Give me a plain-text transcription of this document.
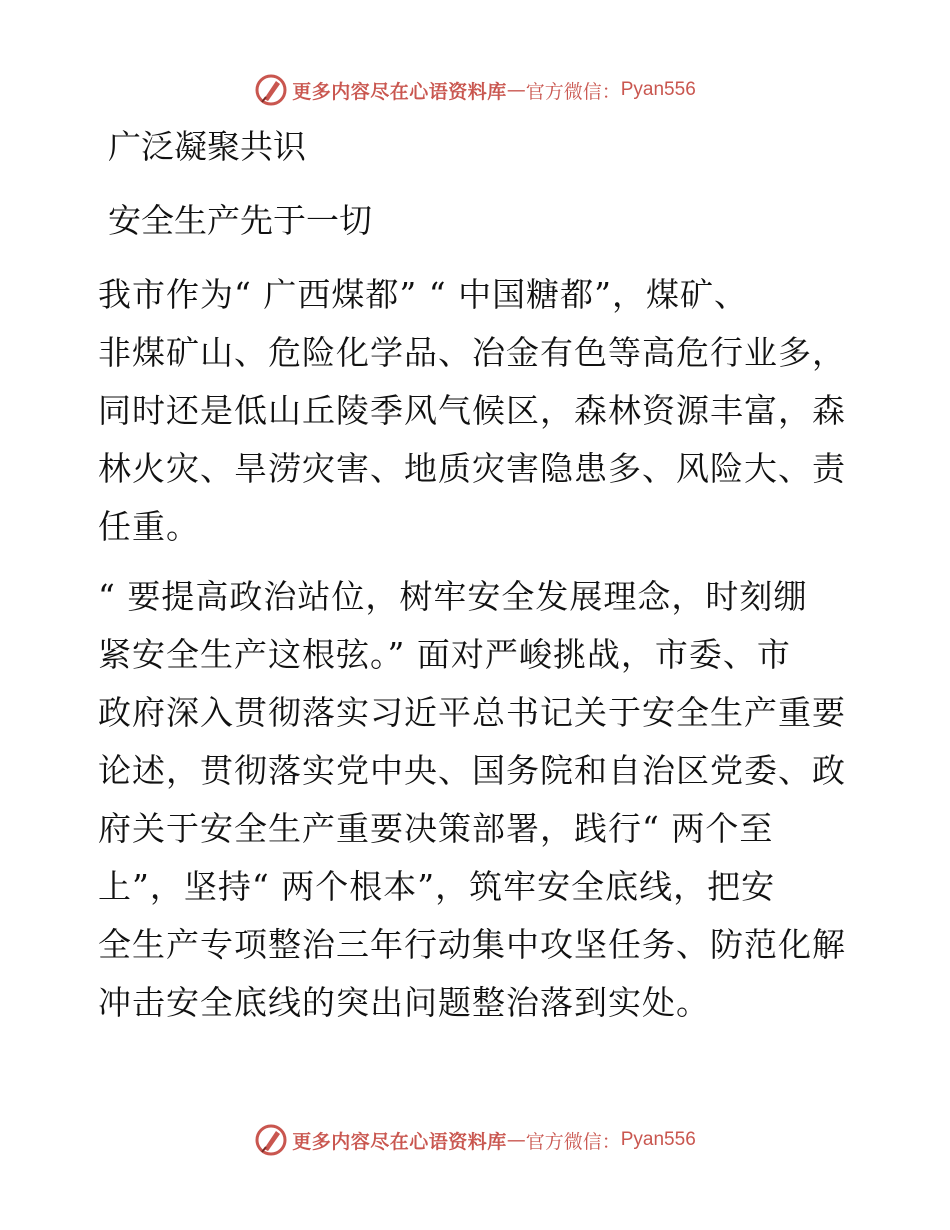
更多内容尽在心语资料库 — 官方微信： Pyan556
广泛凝聚共识
安全生产先于一切
我市作为“ 广西煤都” “ 中国糖都”，煤矿、
非煤矿山、危险化学品、冶金有色等高危行业多，
同时还是低山丘陵季风气候区，森林资源丰富，森
林火灾、旱涝灾害、地质灾害隐患多、风险大、责
任重。
“ 要提高政治站位，树牢安全发展理念，时刻绷
紧安全生产这根弦。” 面对严峻挑战，市委、市
政府深入贯彻落实习近平总书记关于安全生产重要
论述，贯彻落实党中央、国务院和自治区党委、政
府关于安全生产重要决策部署，践行“ 两个至
上”，坚持“ 两个根本”，筑牢安全底线，把安
全生产专项整治三年行动集中攻坚任务、防范化解
冲击安全底线的突出问题整治落到实处。
更多内容尽在心语资料库 — 官方微信： Pyan556
